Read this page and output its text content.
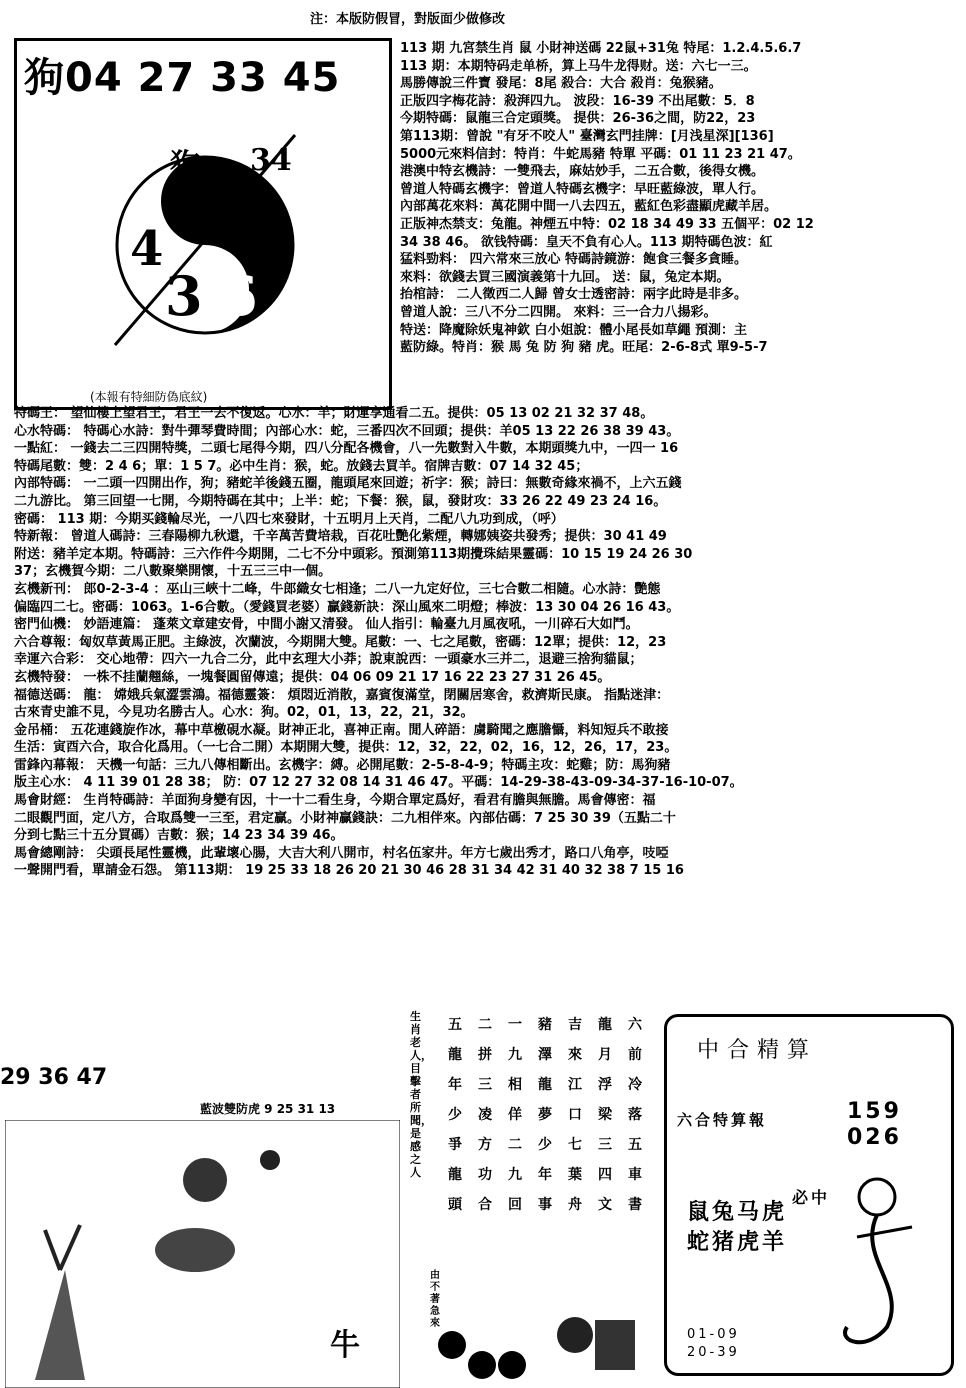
注：本版防假冒，對版面少做修改
狗04 27 33 45
4 2
3 6
34
狗
(本報有特細防偽底紋)
113 期 九宮禁生肖 鼠 小財神送碼 22鼠+31兔 特尾：1.2.4.5.6.7
113 期：本期特码走单桥，算上马牛龙得财。送：六七一三。
馬勝傳說三件寶 發尾：8尾 殺合：大合 殺肖：兔猴豬。
正版四字梅花詩：殺湃四九。 波段：16-39 不出尾數：5．8
今期特碼：鼠龍三合定頭獎。 提供：26-36之間，防22，23
第113期：曾說 "有牙不咬人" 臺灣玄門挂牌：[月浅星深][136]
5000元來料信封：特肖：牛蛇馬豬 特單 平碼：01 11 23 21 47。
港澳中特玄機詩：一雙飛去，麻姑妙手，二五合數，後得女機。
曾道人特碼玄機字：曾道人特碼玄機字：早旺藍綠波，單人行。
內部萬花來料：萬花開中間一八去四五，藍紅色彩盡顯虎藏羊居。
正版神杰禁支：兔龍。神煙五中特：02 18 34 49 33 五個平：02 12
34 38 46。 欲钱特碼：皇天不負有心人。113 期特碼色波：紅
猛料勁料： 四六常來三放心 特碼詩鏡游：飽食三餐多貪睡。
來料：欲錢去買三國演義第十九回。 送：鼠，兔定本期。
抬棺詩： 二人徵西二人歸 曾女士透密詩：兩字此時是非多。
曾道人說：三八不分二四開。 來料：三一合力八揚彩。
特送：降魔除妖鬼神欽 白小姐說：體小尾長如草繩 預測：主
藍防綠。特肖：猴 馬 兔 防 狗 豬 虎。旺尾：2-6-8式 單9-5-7
特碼王： 望仙樓上望君王，君王一去不復返。心水：羊；財運享通看二五。提供：05 13 02 21 32 37 48。
心水特碼： 特碼心水詩：對牛彈琴費時間；內部心水：蛇，三番四次不回頭；提供：羊05 13 22 26 38 39 43。
一點紅： 一錢去二三四開特獎，二頭七尾得今期，四八分配各機會，八一先數對入牛數，本期頭獎九中，一四一 16
特碼尾數：雙：2 4 6；單：1 5 7。必中生肖：猴，蛇。放錢去買羊。宿牌吉數：07 14 32 45；
內部特碼： 一二頭一四開出作，狗；豬蛇羊後錢五圈，龍頭尾來回遊；祈字：猴；詩曰：無數奇緣來禍不，上六五錢
二九游比。 第三回望一七開，今期特碼在其中；上半：蛇；下餐：猴，鼠，發財攻：33 26 22 49 23 24 16。
密碼： 113 期：今期买錢輪尽光，一八四七來發財，十五明月上天肖，二配八九功到成，（呼）
特新報： 曾道人碼詩：三春陽柳九秋還，千辛萬苦費培栽，百花吐艷化紫煙，轉娜姨姿共發秀；提供：30 41 49
附送：豬羊定本期。特碼詩：三六作件今期開，二七不分中頭彩。預測第113期攪珠結果靈碼：10 15 19 24 26 30
37；玄機賀今期：二八數聚樂開懷，十五三三中一個。
玄機新刊： 郎0-2-3-4 ：巫山三峽十二峰，牛郎織女七相逢；二八一九定好位，三七合數二相隨。心水詩：艷態
偏臨四二七。密碼：1063。1-6合數。（愛錢買老婆）贏錢新訣：深山風來二明燈；棒波：13 30 04 26 16 43。
密門仙機： 妙語連篇： 蓬萊文章建安骨，中間小謝又清發。 仙人指引：輪臺九月風夜吼，一川碎石大如鬥。
六合尊報：匈奴草黃馬正肥。主綠波，次蘭波，今期開大雙。尾數：一、七之尾數，密碼：12單；提供：12，23
幸運六合彩： 交心地帶：四六一九合二分，此中玄理大小莽；說東說西：一頭豪水三并二，退避三捨狗貓鼠；
玄機特發： 一株不挂蘭翹絲，一塊餐圓留傳遠；提供：04 06 09 21 17 16 22 23 27 31 26 45。
福德送碼： 龍： 嫦娥兵氣澀雲鴻。福德靈簽： 煩悶近消散，嘉賓復滿堂，閉關居寒舍，救濟斯民康。 指點迷津：
古來青史誰不見，今見功名勝古人。心水：狗。02，01，13，22，21，32。
金吊桶： 五花連錢旋作冰，幕中草檄硯水凝。財神正北，喜神正南。閒人碎語：虜騎聞之應膽懾，料知短兵不敢接
生活：寅酉六合，取合化爲用。（一七合二開）本期開大雙，提供：12，32，22，02，16，12，26，17，23。
雷鋒內幕報： 天機一句話：三九八傳相斷出。玄機字：縛。必開尾數：2-5-8-4-9；特碼主攻：蛇雞；防：馬狗豬
版主心水： 4 11 39 01 28 38； 防：07 12 27 32 08 14 31 46 47。平碼：14-29-38-43-09-34-37-16-10-07。
馬會財經： 生肖特碼詩：羊面狗身變有因，十一十二看生身，今期合單定爲好，看君有膽與無膽。馬會傳密：福
二眼觀門面，定八方，合取爲雙一三至，君定贏。小財神贏錢訣：二九相伴來。內部估碼：7 25 30 39（五點二十
分到七點三十五分買碼）吉數：猴；14 23 34 39 46。
馬會總剛詩： 尖頭長尾性靈機，此輩壞心腸，大吉大利八開市，村名伍家井。年方七歲出秀才，路口八角亭，吱啞
一聲開門看，單請金石怨。 第113期： 19 25 33 18 26 20 21 30 46 28 31 34 42 31 40 32 38 7 15 16
29 36 47
藍波雙防虎 9 25 31 13
牛
生肖老人，目擊者所聞，是感之人
六
前
冷
落
五
車
書
龍
月
浮
梁
三
四
文
吉
來
江
口
七
葉
舟
豬
澤
龍
夢
少
年
事
一
九
相
佯
二
九
回
二
拼
三
凌
方
功
合
五
龍
年
少
爭
龍
頭
由不著急來
中合精算
六合特算報	159
026
鼠兔马虎
蛇猪虎羊
必中
01-09
20-39
